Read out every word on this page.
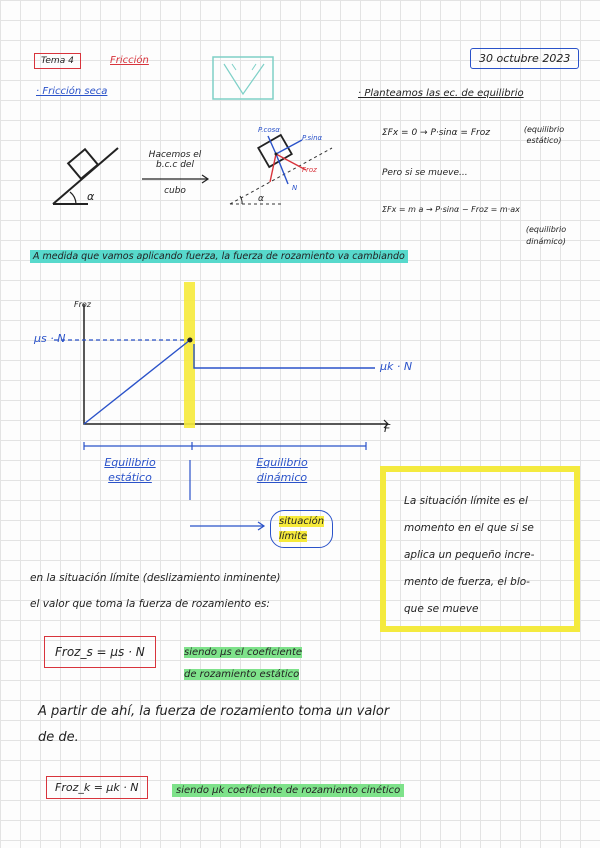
Tema 4	Fricción	30 octubre 2023
· Fricción seca	· Planteamos las ec. de equilibrio
α
Hacemos el
b.c.c del
cubo
P.cosα
P.sinα
Froz
N
α
ΣFx = 0 → P·sinα = Froz	(equilibrio estático)
Pero si se mueve...
ΣFx = m a → P·sinα − Froz = m·ax
(equilibrio dinámico)
A medida que vamos aplicando fuerza, la fuerza de rozamiento va cambiando
Froz
F
μs · N
μk · N
Equilibrio
estático
Equilibrio
dinámico
situación
límite
La situación límite es el
momento en el que si se
aplica un pequeño incre-
mento de fuerza, el blo-
que se mueve
en la situación límite (deslizamiento inminente)
el valor que toma la fuerza de rozamiento es:
Froz_s = μs · N	siendo μs el coeficiente
de rozamiento estático
A partir de ahí, la fuerza de rozamiento toma un valor
de de.
Froz_k = μk · N	siendo μk coeficiente de rozamiento cinético
